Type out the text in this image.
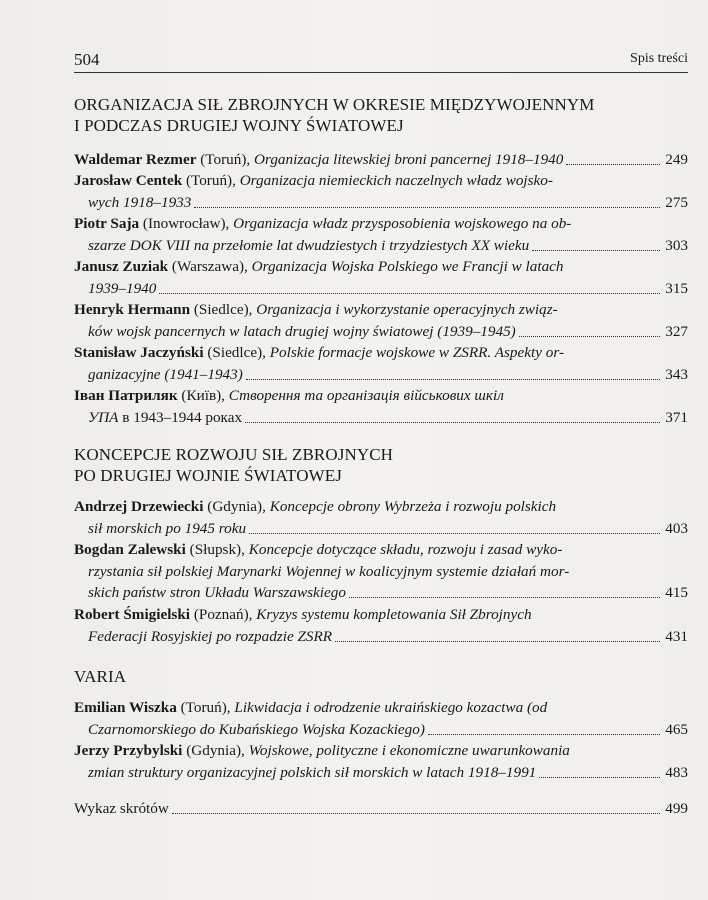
504	Spis treści
ORGANIZACJA SIŁ ZBROJNYCH W OKRESIE MIĘDZYWOJENNYM
I PODCZAS DRUGIEJ WOJNY ŚWIATOWEJ
Waldemar Rezmer (Toruń), Organizacja litewskiej broni pancernej 1918–1940	249
Jarosław Centek (Toruń), Organizacja niemieckich naczelnych władz wojsko-
wych 1918–1933	275
Piotr Saja (Inowrocław), Organizacja władz przysposobienia wojskowego na ob-
szarze DOK VIII na przełomie lat dwudziestych i trzydziestych XX wieku	303
Janusz Zuziak (Warszawa), Organizacja Wojska Polskiego we Francji w latach
1939–1940	315
Henryk Hermann (Siedlce), Organizacja i wykorzystanie operacyjnych związ-
ków wojsk pancernych w latach drugiej wojny światowej (1939–1945)	327
Stanisław Jaczyński (Siedlce), Polskie formacje wojskowe w ZSRR. Aspekty or-
ganizacyjne (1941–1943)	343
Іван Патриляк (Київ), Створення та організація військових шкіл
УПА в 1943–1944 роках	371
KONCEPCJE ROZWOJU SIŁ ZBROJNYCH
PO DRUGIEJ WOJNIE ŚWIATOWEJ
Andrzej Drzewiecki (Gdynia), Koncepcje obrony Wybrzeża i rozwoju polskich
sił morskich po 1945 roku	403
Bogdan Zalewski (Słupsk), Koncepcje dotyczące składu, rozwoju i zasad wyko-
rzystania sił polskiej Marynarki Wojennej w koalicyjnym systemie działań mor-
skich państw stron Układu Warszawskiego	415
Robert Śmigielski (Poznań), Kryzys systemu kompletowania Sił Zbrojnych
Federacji Rosyjskiej po rozpadzie ZSRR	431
VARIA
Emilian Wiszka (Toruń), Likwidacja i odrodzenie ukraińskiego kozactwa (od
Czarnomorskiego do Kubańskiego Wojska Kozackiego)	465
Jerzy Przybylski (Gdynia), Wojskowe, polityczne i ekonomiczne uwarunkowania
zmian struktury organizacyjnej polskich sił morskich w latach 1918–1991	483
Wykaz skrótów	499
